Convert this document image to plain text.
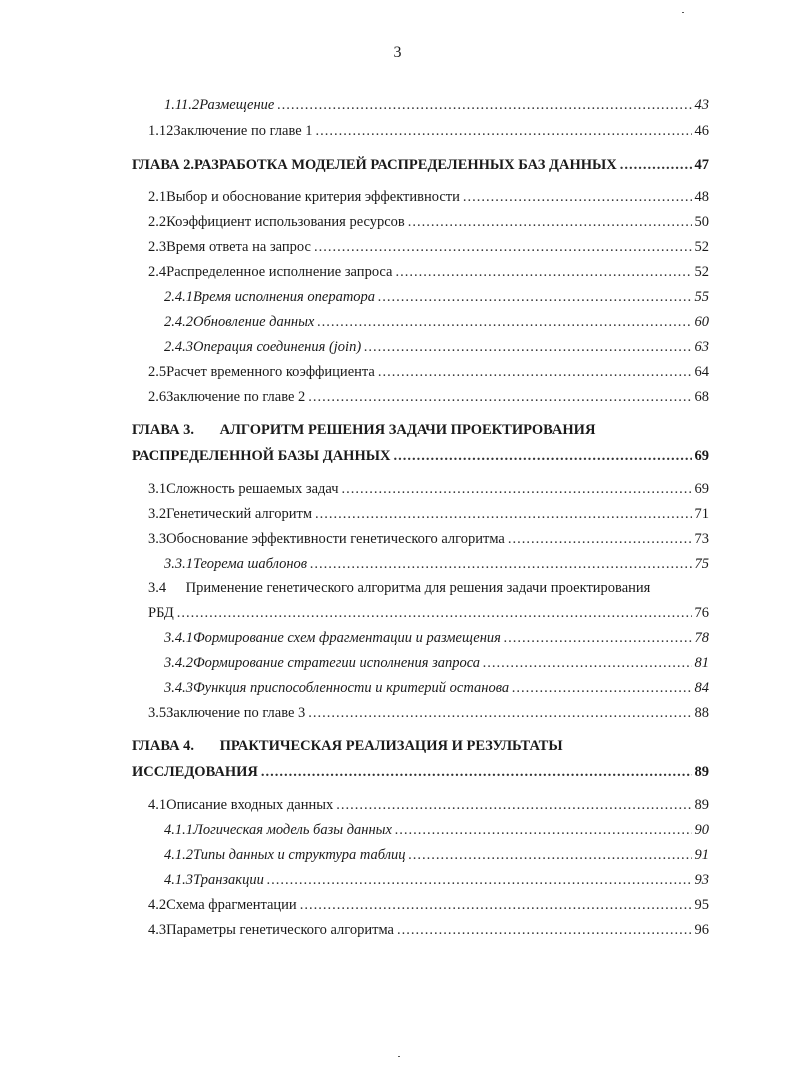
3
1.11.2 Размещение .....	43
1.12 Заключение по главе 1 .....	46
ГЛАВА 2. РАЗРАБОТКА МОДЕЛЕЙ РАСПРЕДЕЛЕННЫХ БАЗ ДАННЫХ .....	47
2.1 Выбор и обоснование критерия эффективности .....	48
2.2 Коэффициент использования ресурсов .....	50
2.3 Время ответа на запрос .....	52
2.4 Распределенное исполнение запроса .....	52
2.4.1 Время исполнения оператора .....	55
2.4.2 Обновление данных .....	60
2.4.3 Операция соединения (join) .....	63
2.5 Расчет временного коэффициента .....	64
2.6 Заключение по главе 2 .....	68
ГЛАВА 3. АЛГОРИТМ РЕШЕНИЯ ЗАДАЧИ ПРОЕКТИРОВАНИЯ
РАСПРЕДЕЛЕННОЙ БАЗЫ ДАННЫХ .....	69
3.1 Сложность решаемых задач .....	69
3.2 Генетический алгоритм .....	71
3.3 Обоснование эффективности генетического алгоритма .....	73
3.3.1 Теорема шаблонов .....	75
3.4 Применение генетического алгоритма для решения задачи проектирования
РБД .....	76
3.4.1 Формирование схем фрагментации и размещения .....	78
3.4.2 Формирование стратегии исполнения запроса .....	81
3.4.3 Функция приспособленности и критерий останова .....	84
3.5 Заключение по главе 3 .....	88
ГЛАВА 4. ПРАКТИЧЕСКАЯ РЕАЛИЗАЦИЯ И РЕЗУЛЬТАТЫ
ИССЛЕДОВАНИЯ .....	89
4.1 Описание входных данных .....	89
4.1.1 Логическая модель базы данных .....	90
4.1.2 Типы данных и структура таблиц .....	91
4.1.3 Транзакции .....	93
4.2 Схема фрагментации .....	95
4.3 Параметры генетического алгоритма .....	96
